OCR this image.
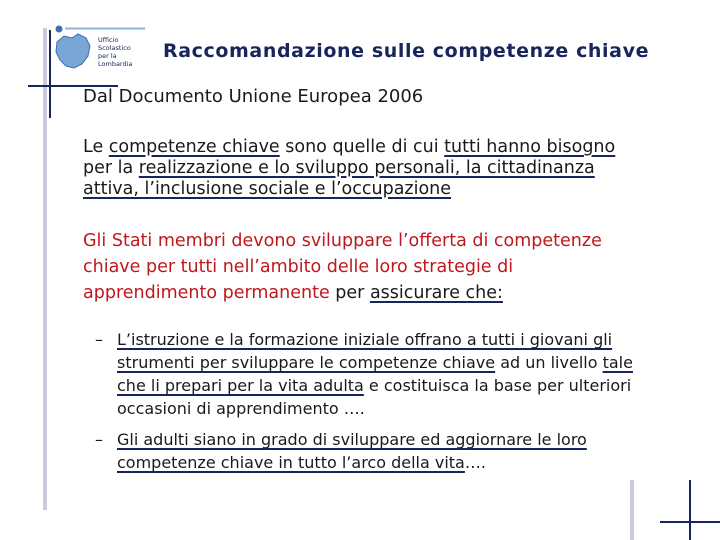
Ufficio
Scolastico
per la
Lombardia
Raccomandazione sulle competenze chiave
Dal Documento Unione Europea 2006
Le competenze chiave sono quelle di cui tutti hanno bisogno
per la realizzazione e lo sviluppo personali, la cittadinanza
attiva, l’inclusione sociale e l’occupazione
Gli Stati membri devono sviluppare l’offerta di competenze
chiave per tutti nell’ambito delle loro strategie di
apprendimento permanente per assicurare che:
– L’istruzione e la formazione iniziale offrano a tutti i giovani gli
strumenti per sviluppare le competenze chiave ad un livello tale
che li prepari per la vita adulta e costituisca la base per ulteriori
occasioni di apprendimento ….
– Gli adulti siano in grado di sviluppare ed aggiornare le loro
competenze chiave in tutto l’arco della vita….
